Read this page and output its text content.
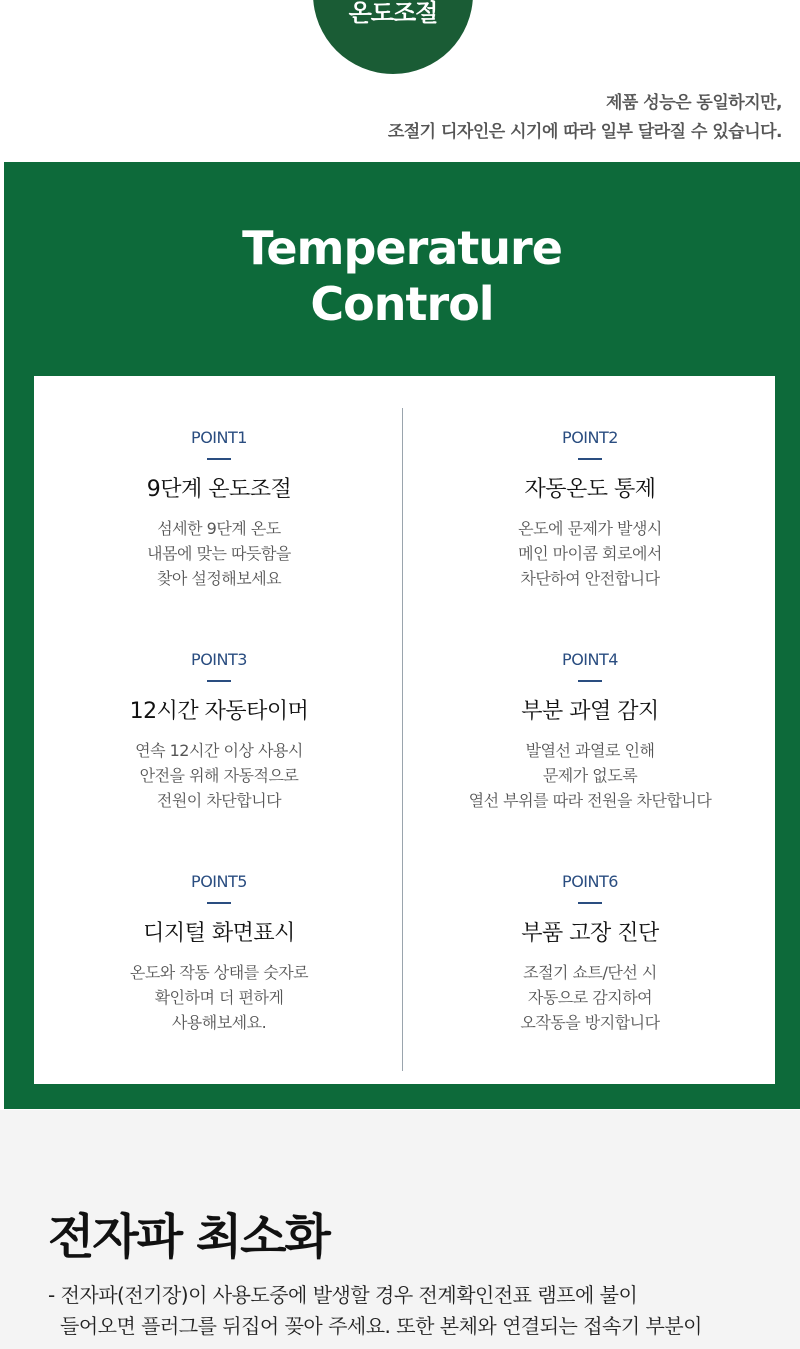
온도조절
제품 성능은 동일하지만,
조절기 디자인은 시기에 따라 일부 달라질 수 있습니다.
Temperature
Control
POINT1
9단계 온도조절
섬세한 9단계 온도
내몸에 맞는 따듯함을
찾아 설정해보세요
POINT2
자동온도 통제
온도에 문제가 발생시
메인 마이콤 회로에서
차단하여 안전합니다
POINT3
12시간 자동타이머
연속 12시간 이상 사용시
안전을 위해 자동적으로
전원이 차단합니다
POINT4
부분 과열 감지
발열선 과열로 인해
문제가 없도록
열선 부위를 따라 전원을 차단합니다
POINT5
디지털 화면표시
온도와 작동 상태를 숫자로
확인하며 더 편하게
사용해보세요.
POINT6
부품 고장 진단
조절기 쇼트/단선 시
자동으로 감지하여
오작동을 방지합니다
전자파 최소화
- 전자파(전기장)이 사용도중에 발생할 경우 전계확인전표 램프에 불이
들어오면 플러그를 뒤집어 꽂아 주세요. 또한 본체와 연결되는 접속기 부분이
